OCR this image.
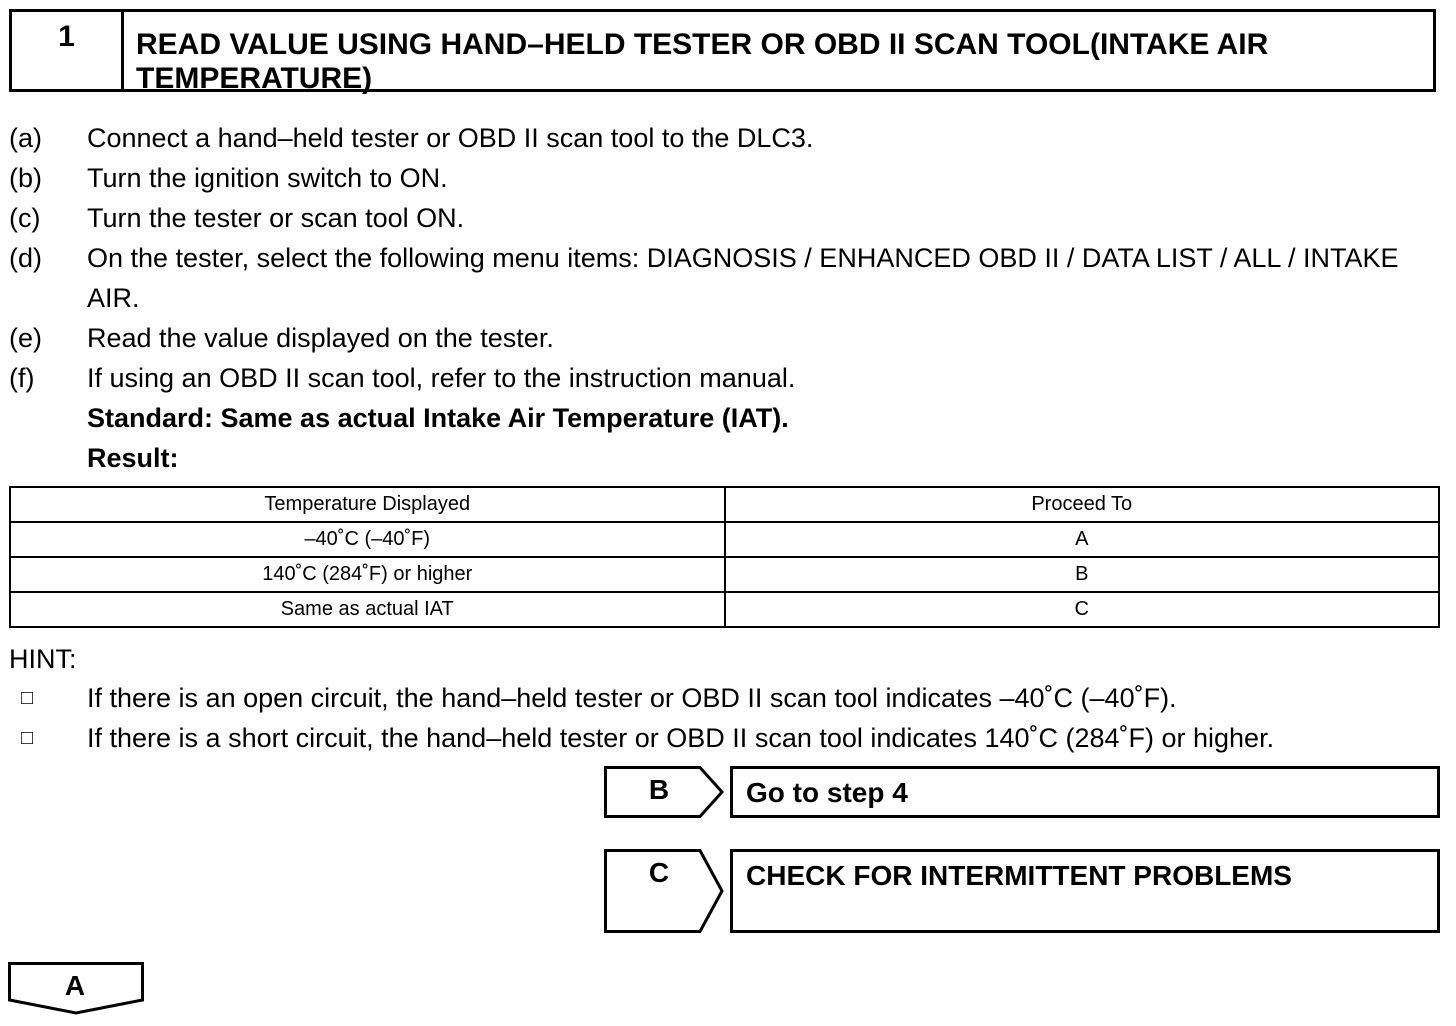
1	READ VALUE USING HAND–HELD TESTER OR OBD II SCAN TOOL(INTAKE AIR TEMPERATURE)
(a)	Connect a hand–held tester or OBD II scan tool to the DLC3.
(b)	Turn the ignition switch to ON.
(c)	Turn the tester or scan tool ON.
(d)	On the tester, select the following menu items: DIAGNOSIS / ENHANCED OBD II / DATA LIST / ALL / INTAKE AIR.
(e)	Read the value displayed on the tester.
(f)	If using an OBD II scan tool, refer to the instruction manual.
Standard: Same as actual Intake Air Temperature (IAT).
Result:
Temperature Displayed	Proceed To
–40˚C (–40˚F)	A
140˚C (284˚F) or higher	B
Same as actual IAT	C
HINT:
□	If there is an open circuit, the hand–held tester or OBD II scan tool indicates –40˚C (–40˚F).
□	If there is a short circuit, the hand–held tester or OBD II scan tool indicates 140˚C (284˚F) or higher.
B	Go to step 4
C	CHECK FOR INTERMITTENT PROBLEMS
A
